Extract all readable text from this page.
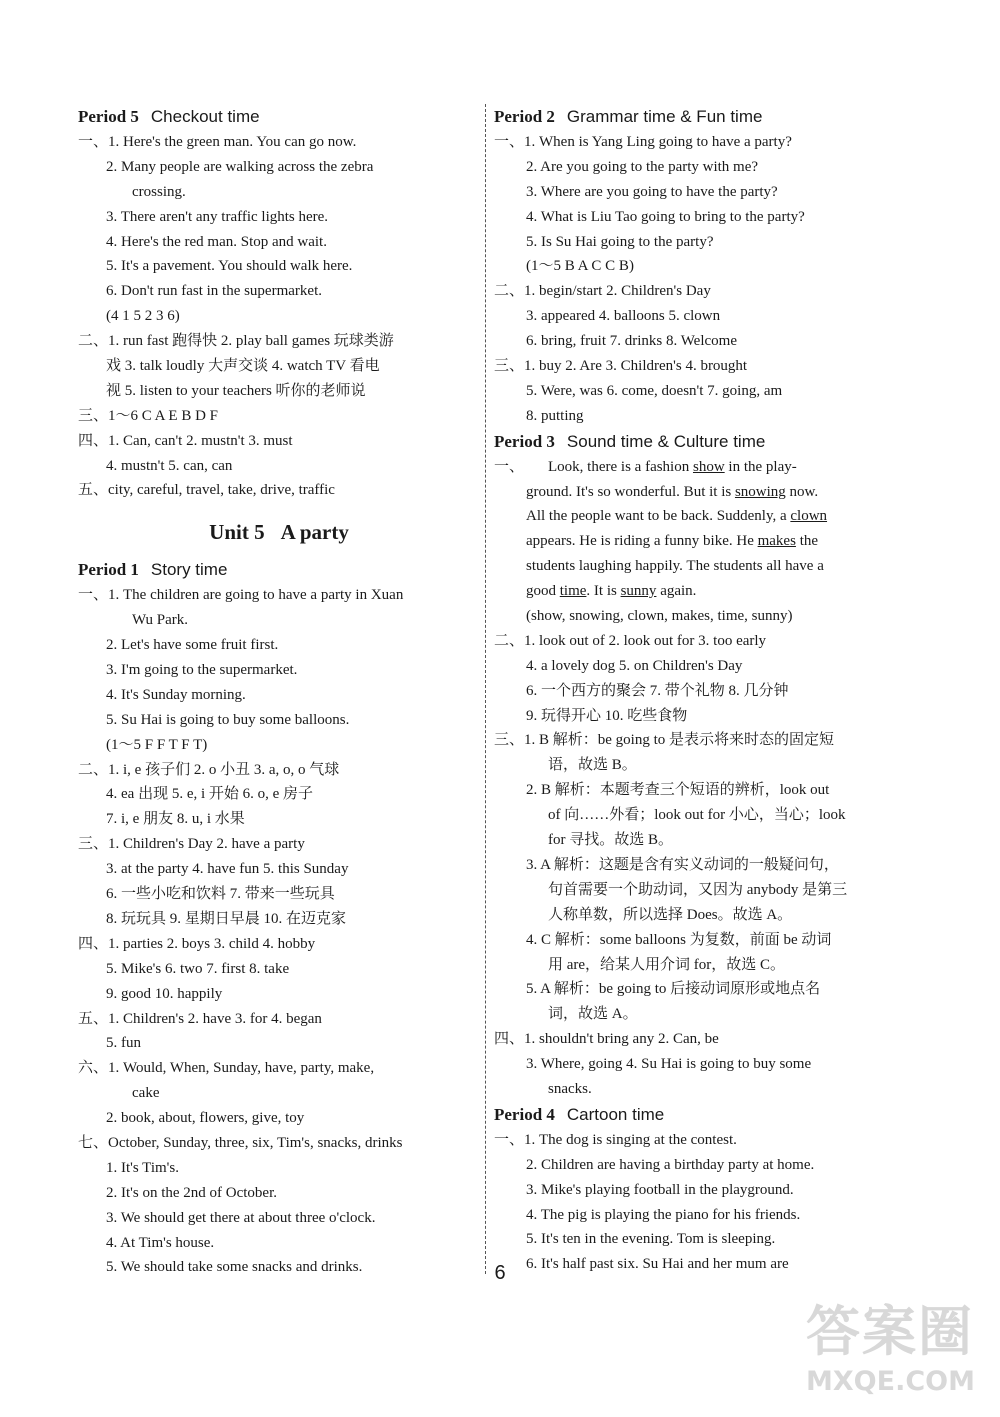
Period 5 Checkout time
一、1. Here's the green man. You can go now.
2. Many people are walking across the zebra
crossing.
3. There aren't any traffic lights here.
4. Here's the red man. Stop and wait.
5. It's a pavement. You should walk here.
6. Don't run fast in the supermarket.
(4 1 5 2 3 6)
二、1. run fast 跑得快 2. play ball games 玩球类游
戏 3. talk loudly 大声交谈 4. watch TV 看电
视 5. listen to your teachers 听你的老师说
三、1～6 C A E B D F
四、1. Can, can't 2. mustn't 3. must
4. mustn't 5. can, can
五、city, careful, travel, take, drive, traffic
Unit 5 A party
Period 1 Story time
一、1. The children are going to have a party in Xuan
Wu Park.
2. Let's have some fruit first.
3. I'm going to the supermarket.
4. It's Sunday morning.
5. Su Hai is going to buy some balloons.
(1～5 F F T F T)
二、1. i, e 孩子们 2. o 小丑 3. a, o, o 气球
4. ea 出现 5. e, i 开始 6. o, e 房子
7. i, e 朋友 8. u, i 水果
三、1. Children's Day 2. have a party
3. at the party 4. have fun 5. this Sunday
6. 一些小吃和饮料 7. 带来一些玩具
8. 玩玩具 9. 星期日早晨 10. 在迈克家
四、1. parties 2. boys 3. child 4. hobby
5. Mike's 6. two 7. first 8. take
9. good 10. happily
五、1. Children's 2. have 3. for 4. began
5. fun
六、1. Would, When, Sunday, have, party, make,
cake
2. book, about, flowers, give, toy
七、October, Sunday, three, six, Tim's, snacks, drinks
1. It's Tim's.
2. It's on the 2nd of October.
3. We should get there at about three o'clock.
4. At Tim's house.
5. We should take some snacks and drinks.
Period 2 Grammar time & Fun time
一、1. When is Yang Ling going to have a party?
2. Are you going to the party with me?
3. Where are you going to have the party?
4. What is Liu Tao going to bring to the party?
5. Is Su Hai going to the party?
(1～5 B A C C B)
二、1. begin/start 2. Children's Day
3. appeared 4. balloons 5. clown
6. bring, fruit 7. drinks 8. Welcome
三、1. buy 2. Are 3. Children's 4. brought
5. Were, was 6. come, doesn't 7. going, am
8. putting
Period 3 Sound time & Culture time
一、 Look, there is a fashion show in the play-
ground. It's so wonderful. But it is snowing now.
All the people want to be back. Suddenly, a clown
appears. He is riding a funny bike. He makes the
students laughing happily. The students all have a
good time. It is sunny again.
(show, snowing, clown, makes, time, sunny)
二、1. look out of 2. look out for 3. too early
4. a lovely dog 5. on Children's Day
6. 一个西方的聚会 7. 带个礼物 8. 几分钟
9. 玩得开心 10. 吃些食物
三、1. B 解析：be going to 是表示将来时态的固定短
语，故选 B。
2. B 解析：本题考查三个短语的辨析，look out
of 向……外看；look out for 小心，当心；look
for 寻找。故选 B。
3. A 解析：这题是含有实义动词的一般疑问句，
句首需要一个助动词，又因为 anybody 是第三
人称单数，所以选择 Does。故选 A。
4. C 解析：some balloons 为复数，前面 be 动词
用 are，给某人用介词 for，故选 C。
5. A 解析：be going to 后接动词原形或地点名
词，故选 A。
四、1. shouldn't bring any 2. Can, be
3. Where, going 4. Su Hai is going to buy some
snacks.
Period 4 Cartoon time
一、1. The dog is singing at the contest.
2. Children are having a birthday party at home.
3. Mike's playing football in the playground.
4. The pig is playing the piano for his friends.
5. It's ten in the evening. Tom is sleeping.
6. It's half past six. Su Hai and her mum are
6
答案圈
MXQE.COM
